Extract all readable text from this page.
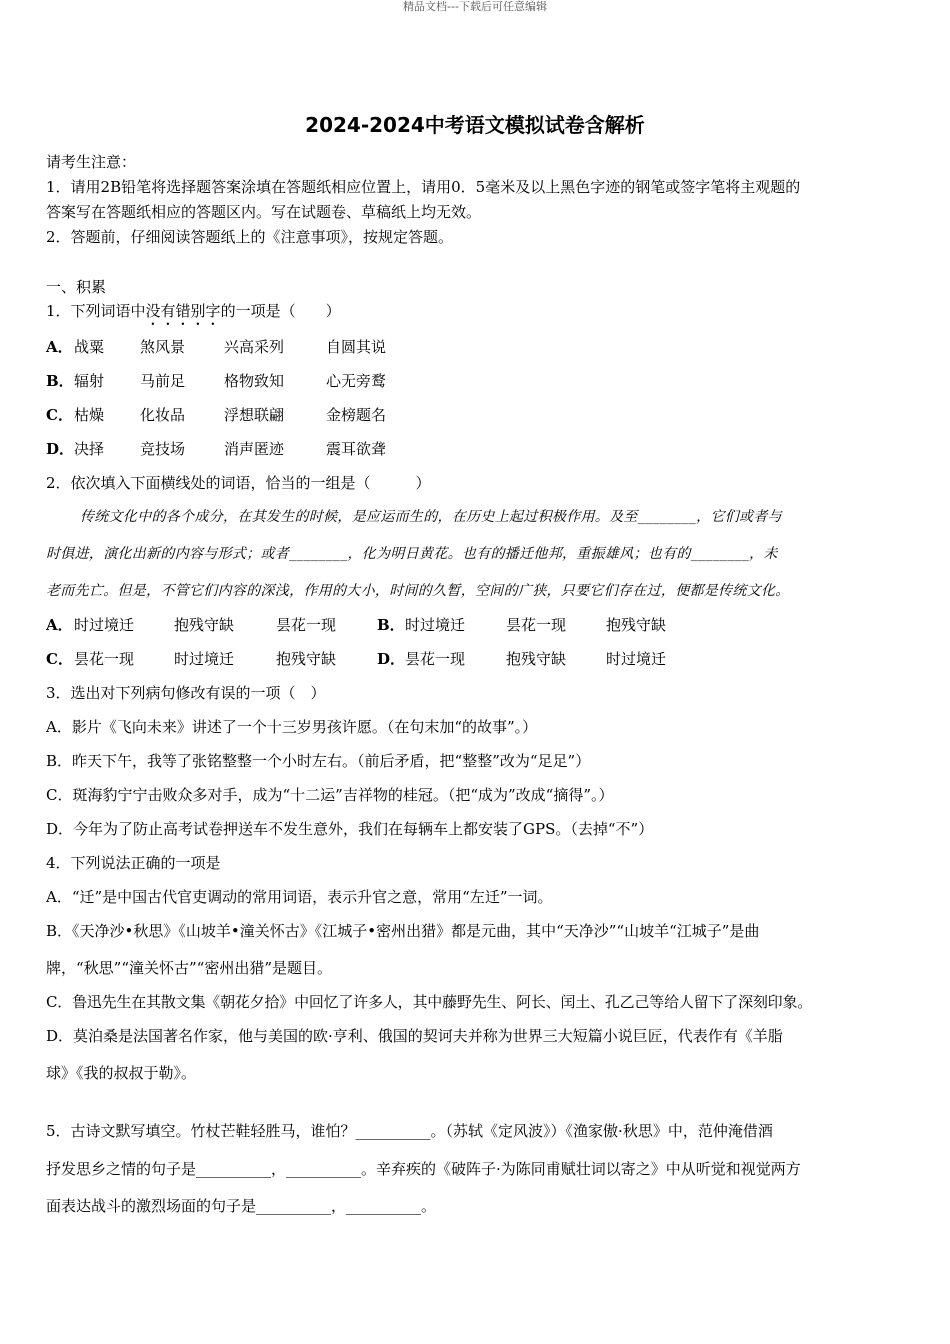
精品文档---下载后可任意编辑
2024-2024中考语文模拟试卷含解析
请考生注意：
1．请用2B铅笔将选择题答案涂填在答题纸相应位置上，请用0．5毫米及以上黑色字迹的钢笔或签字笔将主观题的
答案写在答题纸相应的答题区内。写在试题卷、草稿纸上均无效。
2．答题前，仔细阅读答题纸上的《注意事项》，按规定答题。
一、积累
1．下列词语中没有错别字的一项是（　　）
A． 战粟 煞风景	兴高采列	自圆其说
B． 辐射 马前足	格物致知	心无旁鹜
C． 枯燥 化妆品	浮想联翩	金榜题名
D． 决择 竞技场	消声匿迹	震耳欲聋
2．依次填入下面横线处的词语，恰当的一组是（　　　）
传统文化中的各个成分，在其发生的时候，是应运而生的，在历史上起过积极作用。及至________，它们或者与
时俱进，演化出新的内容与形式；或者________，化为明日黄花。也有的播迁他邦，重振雄风；也有的________，未
老而先亡。但是，不管它们内容的深浅，作用的大小，时间的久暂，空间的广狭，只要它们存在过，便都是传统文化。
A． 时过境迁	抱残守缺	昙花一现	B． 时过境迁	昙花一现	抱残守缺
C． 昙花一现	时过境迁	抱残守缺	D． 昙花一现	抱残守缺	时过境迁
3．选出对下列病句修改有误的一项（　）
A．影片《飞向未来》讲述了一个十三岁男孩许愿。（在句末加“的故事”。）
B．昨天下午，我等了张铭整整一个小时左右。（前后矛盾，把“整整”改为“足足”）
C．斑海豹宁宁击败众多对手，成为“十二运”吉祥物的桂冠。（把“成为”改成“摘得”。）
D．今年为了防止高考试卷押送车不发生意外，我们在每辆车上都安装了GPS。（去掉“不”）
4．下列说法正确的一项是
A．“迁”是中国古代官吏调动的常用词语，表示升官之意，常用“左迁”一词。
B．《天净沙•秋思》《山坡羊•潼关怀古》《江城子•密州出猎》都是元曲，其中“天净沙”“山坡羊“江城子”是曲
牌，“秋思”“潼关怀古”“密州出猎”是题目。
C．鲁迅先生在其散文集《朝花夕拾》中回忆了许多人，其中藤野先生、阿长、闰土、孔乙己等给人留下了深刻印象。
D．莫泊桑是法国著名作家，他与美国的欧·亨利、俄国的契诃夫并称为世界三大短篇小说巨匠，代表作有《羊脂
球》《我的叔叔于勒》。
5．古诗文默写填空。竹杖芒鞋轻胜马，谁怕？__________。（苏轼《定风波》）《渔家傲·秋思》中，范仲淹借酒
抒发思乡之情的句子是__________，__________。辛弃疾的《破阵子·为陈同甫赋壮词以寄之》中从听觉和视觉两方
面表达战斗的激烈场面的句子是__________，__________。
